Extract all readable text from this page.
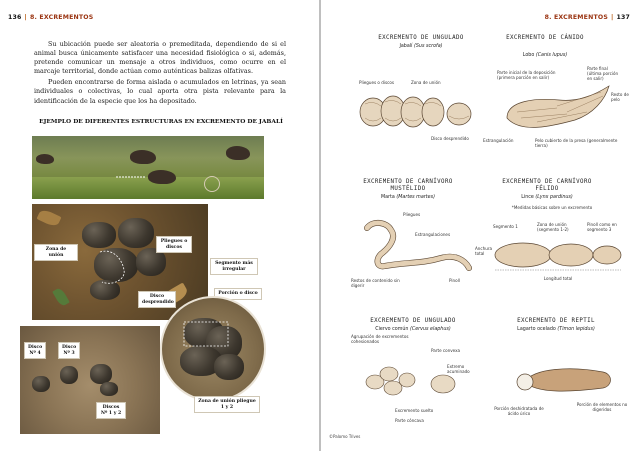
136 | 8. EXCREMENTOS

Su ubicación puede ser aleatoria o premeditada, dependiendo de si el animal busca únicamente satisfacer una necesidad fisiológica o si, además, pretende comunicar un mensaje a otros individuos, como ocurre en el marcaje territorial, donde actúan como auténticas balizas olfativas.

Pueden encontrarse de forma aislada o acumulados en letrinas, ya sean individuales o colectivas, lo cual aporta otra pista relevante para la identificación de la especie que los ha depositado.

EJEMPLO DE DIFERENTES ESTRUCTURAS EN EXCREMENTO DE JABALÍ
Zona de unión
Pliegues o discos
Disco desprendido
Segmento más irregular
Porción o disco
Disco Nº 4
Disco Nº 3
Discos Nº 1 y 2
Zona de unión pliegue 1 y 2
8. EXCREMENTOS | 137
EXCREMENTO DE UNGULADO
Jabalí (Sus scrofa)
Pliegues o discos	Zona de unión
Disco desprendido
EXCREMENTO DE CÁNIDO
Lobo (Canis lupus)
Parte inicial de la deposición (primera porción en salir)
Parte final (última porción en salir)
Resto de pelo
Estrangulación	Pelo cubierto de la presa (generalmente tierra)
EXCREMENTO DE CARNÍVORO MUSTÉLIDO
Marta (Martes martes)
Pliegues
Estrangulaciones
Restos de contenido sin digerir
Pinoll
EXCREMENTO DE CARNÍVORO FÉLIDO
Lince (Lynx pardinus)
*Medidas básicas sobre un excremento
Segmento 1	Zona de unión (segmento 1-2)
Pinoll como en segmento 3
Anchura total
Longitud total
EXCREMENTO DE UNGULADO
Ciervo común (Cervus elaphus)
Agrupación de excrementos cohesionados
Parte convexa
Extremo acuminado
Excremento suelto
Parte cóncava
EXCREMENTO DE REPTIL
Lagarto ocelado (Timon lepidus)
Porción deshidratada de ácido úrico
Porción de elementos no digeridos
©Palomo Trives
